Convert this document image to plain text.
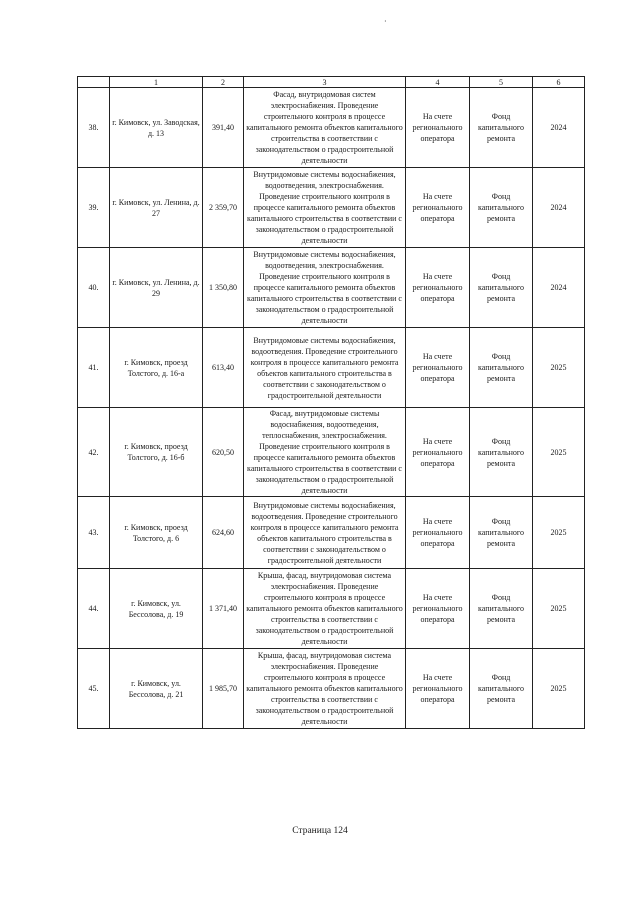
·
	1	2	3	4	5	6
38.	г. Кимовск, ул. Заводская, д. 13	391,40	Фасад, внутридомовая систем электроснабжения. Проведение строительного контроля в процессе капитального ремонта объектов капитального строительства в соответствии с законодательством о градостроительной деятельности	На счете регионального оператора	Фонд капитального ремонта	2024
39.	г. Кимовск, ул. Ленина, д. 27	2 359,70	Внутридомовые системы водоснабжения, водоотведения, электроснабжения. Проведение строительного контроля в процессе капитального ремонта объектов капитального строительства в соответствии с законодательством о градостроительной деятельности	На счете регионального оператора	Фонд капитального ремонта	2024
40.	г. Кимовск, ул. Ленина, д. 29	1 350,80	Внутридомовые системы водоснабжения, водоотведения, электроснабжения. Проведение строительного контроля в процессе капитального ремонта объектов капитального строительства в соответствии с законодательством о градостроительной деятельности	На счете регионального оператора	Фонд капитального ремонта	2024
41.	г. Кимовск, проезд Толстого, д. 16-а	613,40	Внутридомовые системы водоснабжения, водоотведения. Проведение строительного контроля в процессе капитального ремонта объектов капитального строительства в соответствии с законодательством о градостроительной деятельности	На счете регионального оператора	Фонд капитального ремонта	2025
42.	г. Кимовск, проезд Толстого, д. 16-б	620,50	Фасад, внутридомовые системы водоснабжения, водоотведения, теплоснабжения, электроснабжения. Проведение строительного контроля в процессе капитального ремонта объектов капитального строительства в соответствии с законодательством о градостроительной деятельности	На счете регионального оператора	Фонд капитального ремонта	2025
43.	г. Кимовск, проезд Толстого, д. 6	624,60	Внутридомовые системы водоснабжения, водоотведения. Проведение строительного контроля в процессе капитального ремонта объектов капитального строительства в соответствии с законодательством о градостроительной деятельности	На счете регионального оператора	Фонд капитального ремонта	2025
44.	г. Кимовск, ул. Бессолова, д. 19	1 371,40	Крыша, фасад, внутридомовая система электроснабжения. Проведение строительного контроля в процессе капитального ремонта объектов капитального строительства в соответствии с законодательством о градостроительной деятельности	На счете регионального оператора	Фонд капитального ремонта	2025
45.	г. Кимовск, ул. Бессолова, д. 21	1 985,70	Крыша, фасад, внутридомовая система электроснабжения. Проведение строительного контроля в процессе капитального ремонта объектов капитального строительства в соответствии с законодательством о градостроительной деятельности	На счете регионального оператора	Фонд капитального ремонта	2025
Страница 124
